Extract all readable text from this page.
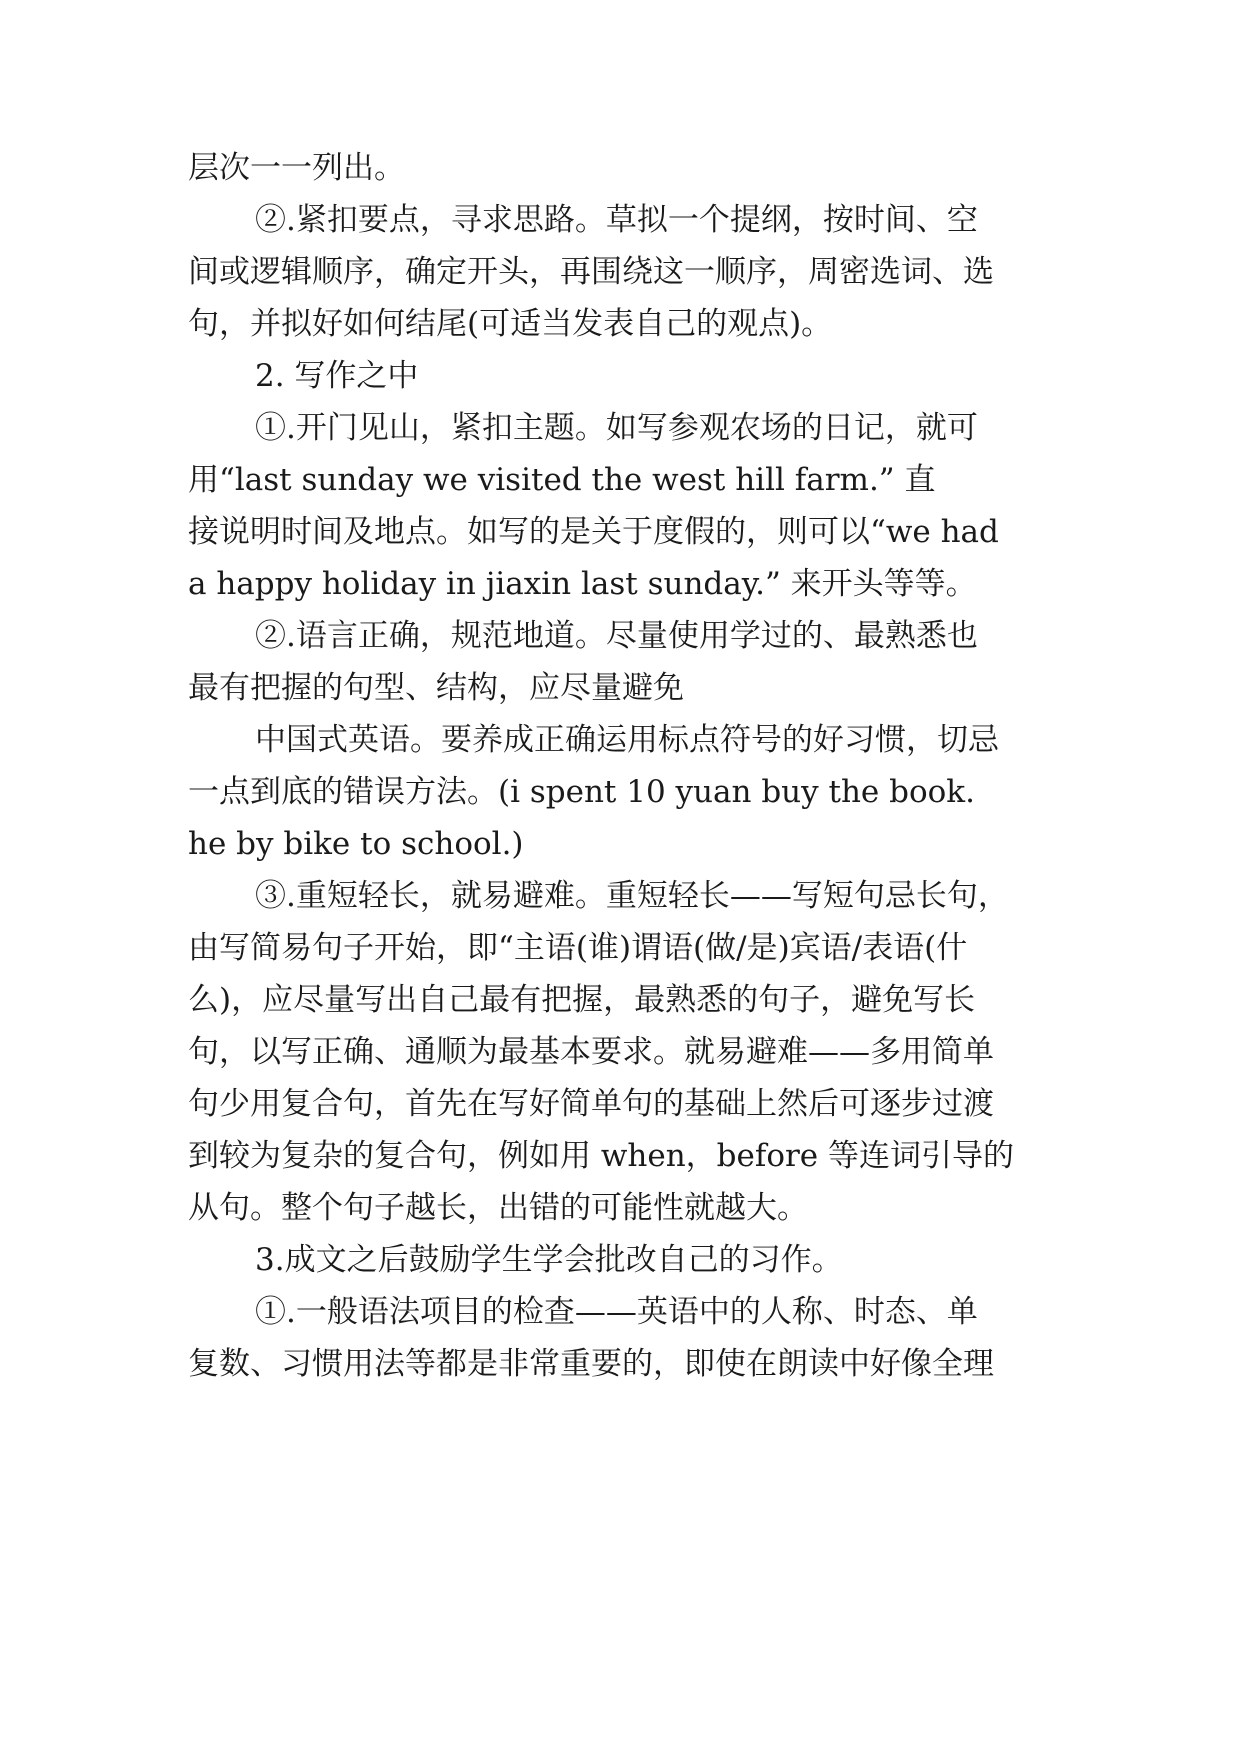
层次一一列出。
②.紧扣要点，寻求思路。草拟一个提纲，按时间、空
间或逻辑顺序，确定开头，再围绕这一顺序，周密选词、选
句，并拟好如何结尾(可适当发表自己的观点)。
2. 写作之中
①.开门见山，紧扣主题。如写参观农场的日记，就可
用“last sunday we visited the west hill farm.” 直
接说明时间及地点。如写的是关于度假的，则可以“we had
a happy holiday in jiaxin last sunday.” 来开头等等。
②.语言正确，规范地道。尽量使用学过的、最熟悉也
最有把握的句型、结构，应尽量避免
中国式英语。要养成正确运用标点符号的好习惯，切忌
一点到底的错误方法。(i spent 10 yuan buy the book.
he by bike to school.)
③.重短轻长，就易避难。重短轻长——写短句忌长句，
由写简易句子开始，即“主语(谁)谓语(做/是)宾语/表语(什
么)，应尽量写出自己最有把握，最熟悉的句子，避免写长
句，以写正确、通顺为最基本要求。就易避难——多用简单
句少用复合句，首先在写好简单句的基础上然后可逐步过渡
到较为复杂的复合句，例如用 when，before 等连词引导的
从句。整个句子越长，出错的可能性就越大。
3.成文之后鼓励学生学会批改自己的习作。
①.一般语法项目的检查——英语中的人称、时态、单
复数、习惯用法等都是非常重要的，即使在朗读中好像全理
